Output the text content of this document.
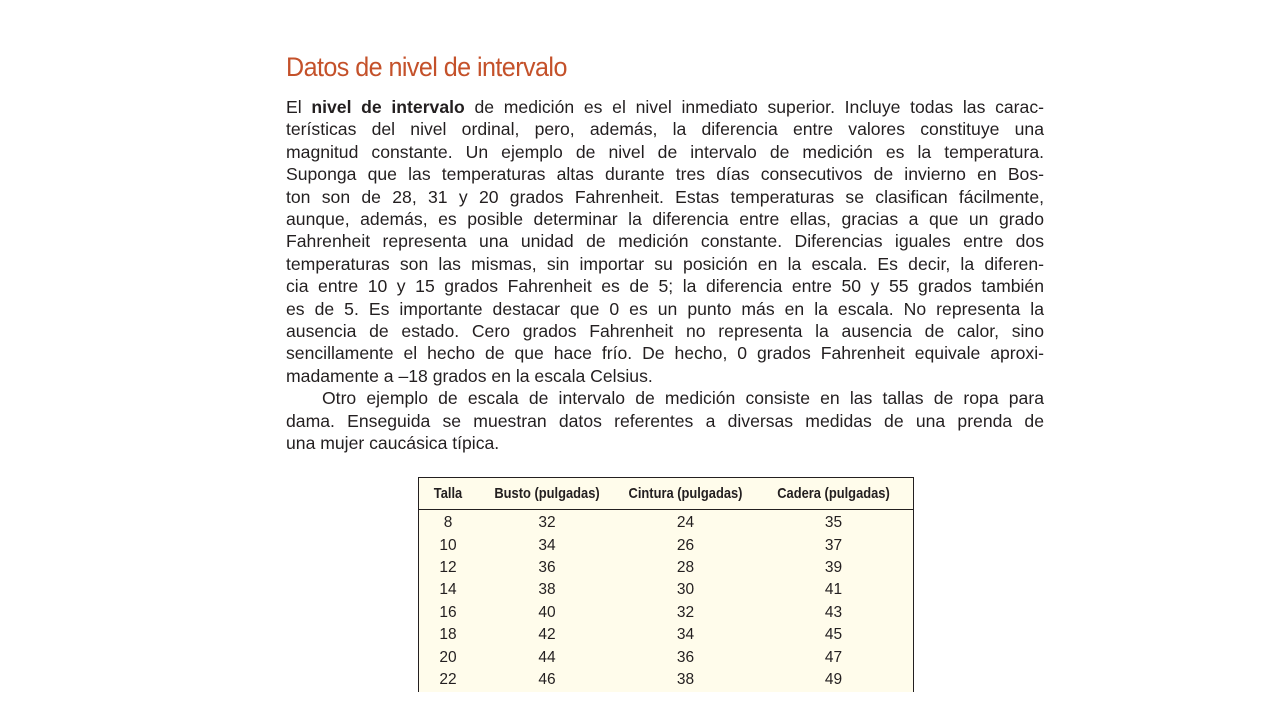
Datos de nivel de intervalo

El nivel de intervalo de medición es el nivel inmediato superior. Incluye todas las carac-
terísticas del nivel ordinal, pero, además, la diferencia entre valores constituye una
magnitud constante. Un ejemplo de nivel de intervalo de medición es la temperatura.
Suponga que las temperaturas altas durante tres días consecutivos de invierno en Bos-
ton son de 28, 31 y 20 grados Fahrenheit. Estas temperaturas se clasifican fácilmente,
aunque, además, es posible determinar la diferencia entre ellas, gracias a que un grado
Fahrenheit representa una unidad de medición constante. Diferencias iguales entre dos
temperaturas son las mismas, sin importar su posición en la escala. Es decir, la diferen-
cia entre 10 y 15 grados Fahrenheit es de 5; la diferencia entre 50 y 55 grados también
es de 5. Es importante destacar que 0 es un punto más en la escala. No representa la
ausencia de estado. Cero grados Fahrenheit no representa la ausencia de calor, sino
sencillamente el hecho de que hace frío. De hecho, 0 grados Fahrenheit equivale aproxi-
madamente a –18 grados en la escala Celsius.

Otro ejemplo de escala de intervalo de medición consiste en las tallas de ropa para
dama. Enseguida se muestran datos referentes a diversas medidas de una prenda de
una mujer caucásica típica.

Talla	Busto (pulgadas)	Cintura (pulgadas)	Cadera (pulgadas)
8	32	24	35
10	34	26	37
12	36	28	39
14	38	30	41
16	40	32	43
18	42	34	45
20	44	36	47
22	46	38	49
